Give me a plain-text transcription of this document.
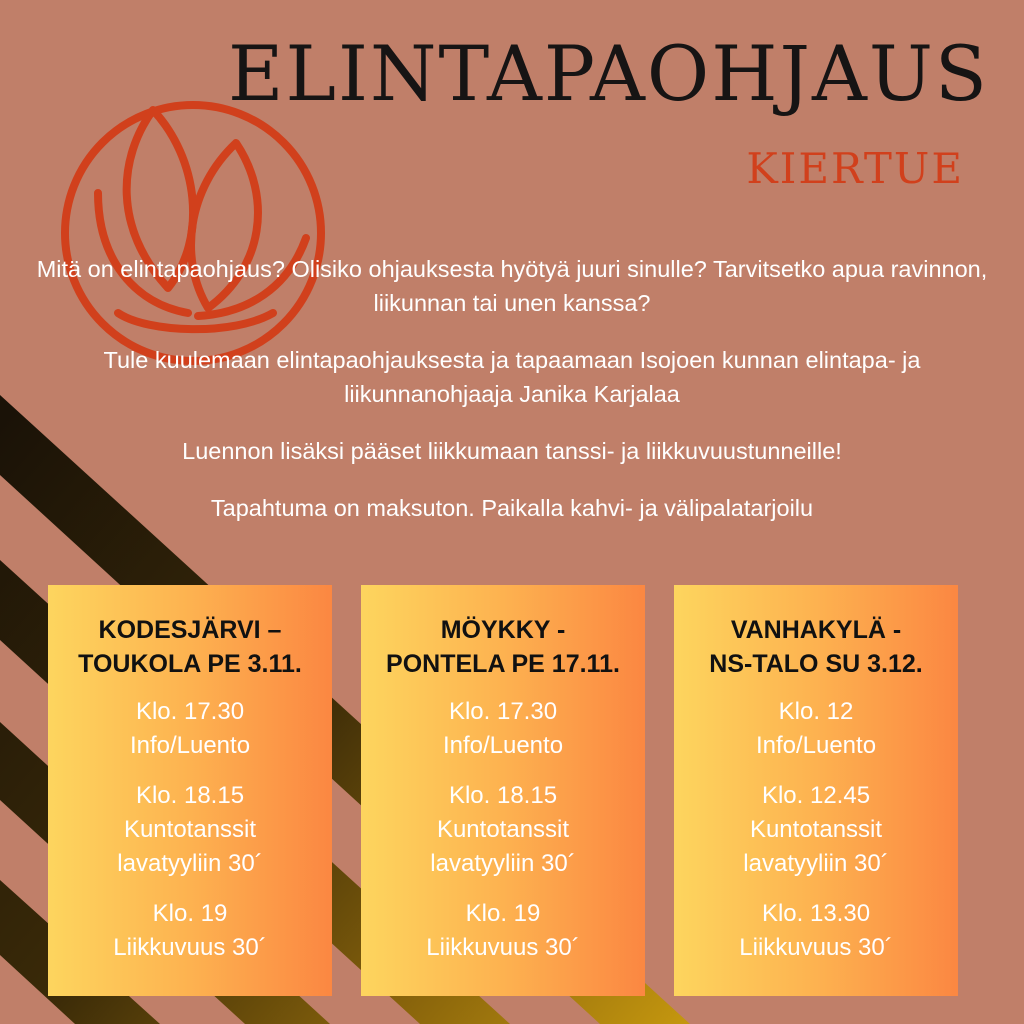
ELINTAPAOHJAUS
KIERTUE

Mitä on elintapaohjaus? Olisiko ohjauksesta hyötyä juuri sinulle? Tarvitsetko apua ravinnon, liikunnan tai unen kanssa?

Tule kuulemaan elintapaohjauksesta ja tapaamaan Isojoen kunnan elintapa- ja liikunnanohjaaja Janika Karjalaa

Luennon lisäksi pääset liikkumaan tanssi- ja liikkuvuustunneille!

Tapahtuma on maksuton. Paikalla kahvi- ja välipalatarjoilu

KODESJÄRVI –
TOUKOLA PE 3.11.
Klo. 17.30
Info/Luento
Klo. 18.15
Kuntotanssit
lavatyyliin 30´
Klo. 19
Liikkuvuus 30´
MÖYKKY -
PONTELA PE 17.11.
Klo. 17.30
Info/Luento
Klo. 18.15
Kuntotanssit
lavatyyliin 30´
Klo. 19
Liikkuvuus 30´
VANHAKYLÄ -
NS-TALO SU 3.12.
Klo. 12
Info/Luento
Klo. 12.45
Kuntotanssit
lavatyyliin 30´
Klo. 13.30
Liikkuvuus 30´
